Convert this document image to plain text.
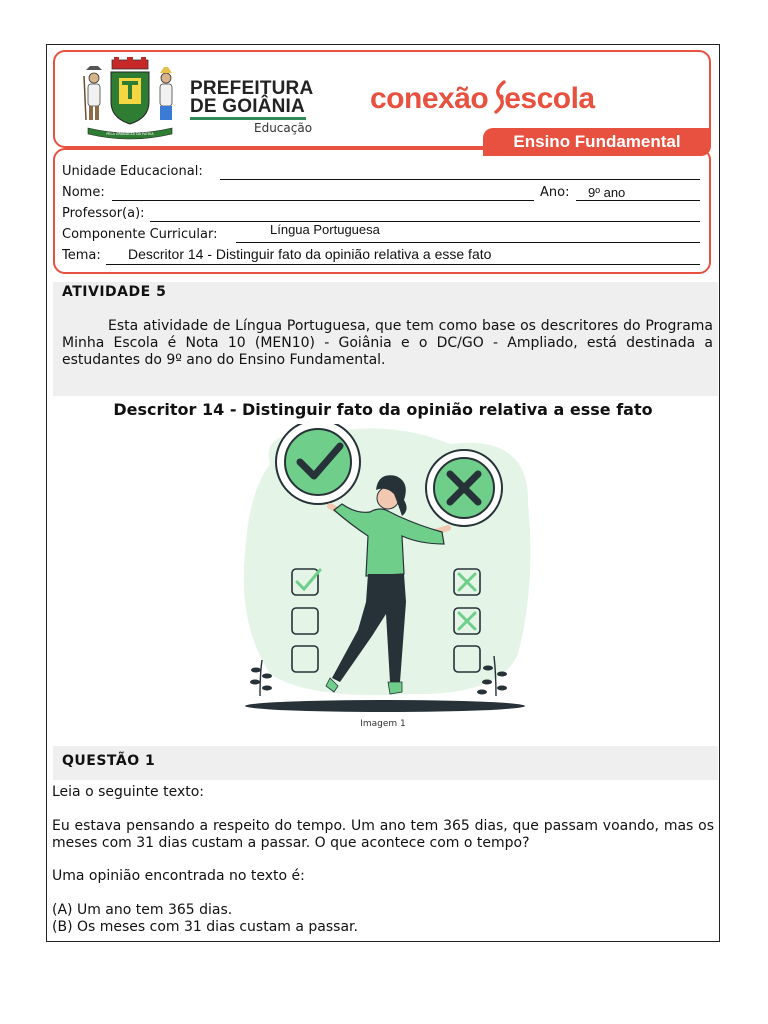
PELA GRANDEZA DA PÁTRIA
PREFEITURA
DE GOIÂNIA
Educação
conexão escola
Ensino Fundamental
Unidade Educacional:
Nome:	Ano: 9º ano
Professor(a):
Componente Curricular:	Língua Portuguesa
Tema: Descritor 14 - Distinguir fato da opinião relativa a esse fato
ATIVIDADE 5
Esta atividade de Língua Portuguesa, que tem como base os descritores do Programa Minha Escola é Nota 10 (MEN10) - Goiânia e o DC/GO - Ampliado, está destinada a estudantes do 9º ano do Ensino Fundamental.
Descritor 14 - Distinguir fato da opinião relativa a esse fato
Imagem 1
QUESTÃO 1
Leia o seguinte texto:
Eu estava pensando a respeito do tempo. Um ano tem 365 dias, que passam voando, mas os meses com 31 dias custam a passar. O que acontece com o tempo?
Uma opinião encontrada no texto é:
(A) Um ano tem 365 dias.
(B) Os meses com 31 dias custam a passar.
